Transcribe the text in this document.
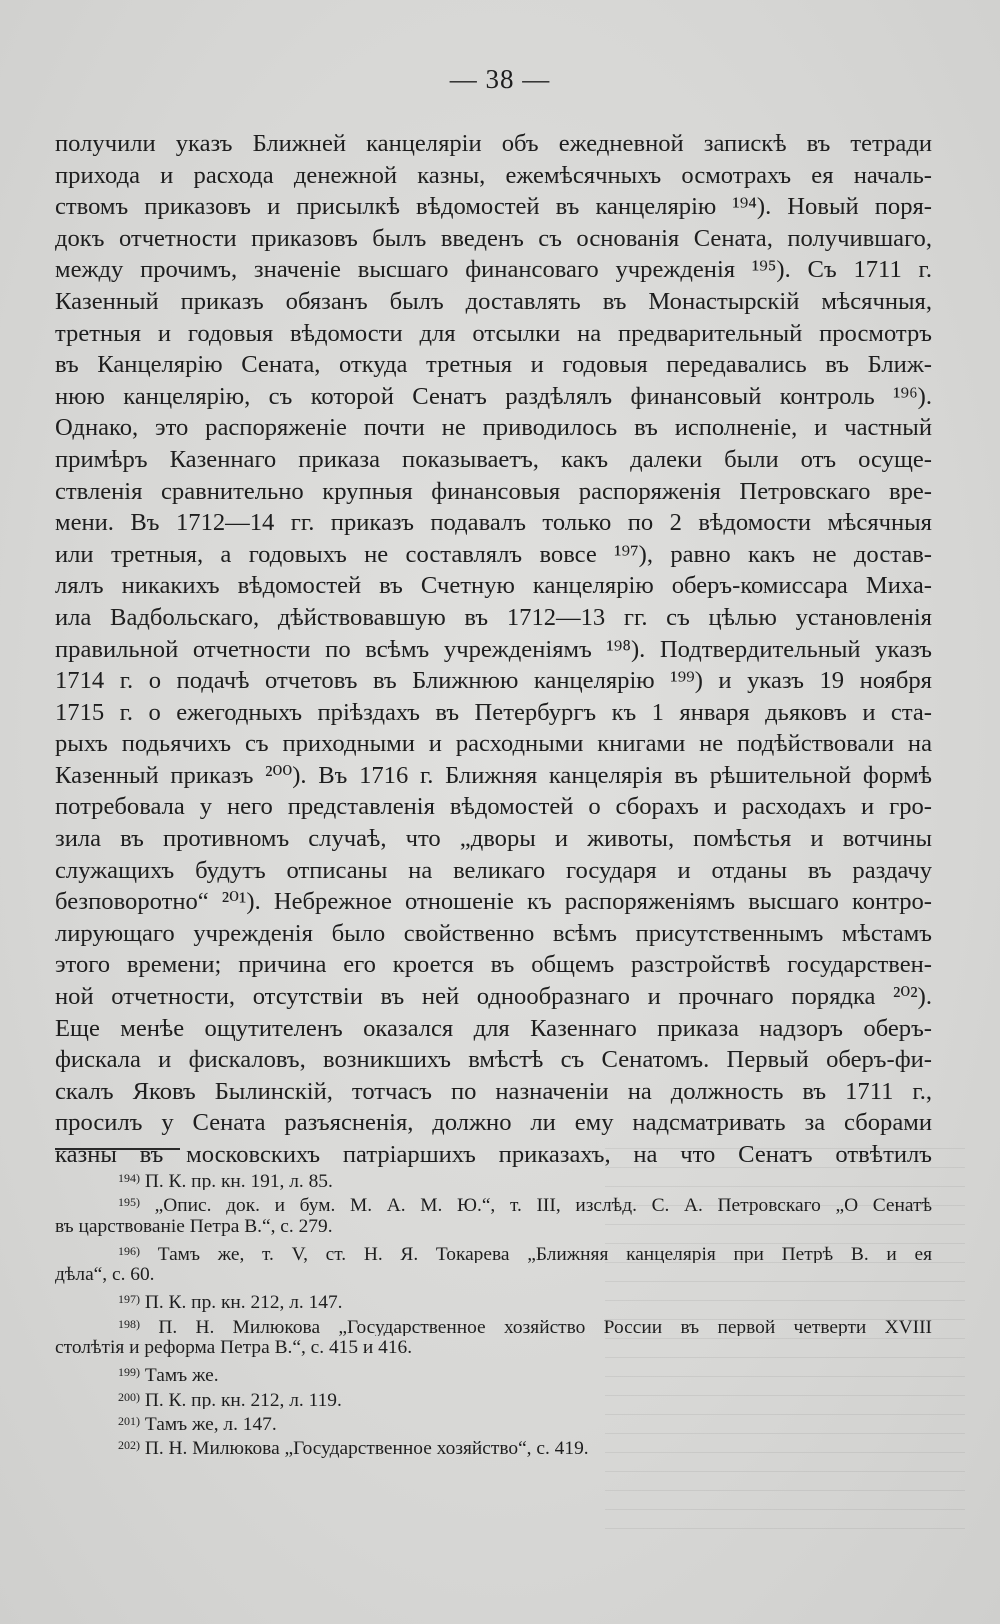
— 38 —
получили указъ Ближней канцеляріи объ ежедневной запискѣ въ тетради
прихода и расхода денежной казны, ежемѣсячныхъ осмотрахъ ея началь-
ствомъ приказовъ и присылкѣ вѣдомостей въ канцелярію ¹⁹⁴). Новый поря-
докъ отчетности приказовъ былъ введенъ съ основанія Сената, получившаго,
между прочимъ, значеніе высшаго финансоваго учрежденія ¹⁹⁵). Съ 1711 г.
Казенный приказъ обязанъ былъ доставлять въ Монастырскій мѣсячныя,
третныя и годовыя вѣдомости для отсылки на предварительный просмотръ
въ Канцелярію Сената, откуда третныя и годовыя передавались въ Ближ-
нюю канцелярію, съ которой Сенатъ раздѣлялъ финансовый контроль ¹⁹⁶).
Однако, это распоряженіе почти не приводилось въ исполненіе, и частный
примѣръ Казеннаго приказа показываетъ, какъ далеки были отъ осуще-
ствленія сравнительно крупныя финансовыя распоряженія Петровскаго вре-
мени. Въ 1712—14 гг. приказъ подавалъ только по 2 вѣдомости мѣсячныя
или третныя, а годовыхъ не составлялъ вовсе ¹⁹⁷), равно какъ не достав-
лялъ никакихъ вѣдомостей въ Счетную канцелярію оберъ-комиссара Миха-
ила Вадбольскаго, дѣйствовавшую въ 1712—13 гг. съ цѣлью установленія
правильной отчетности по всѣмъ учрежденіямъ ¹⁹⁸). Подтвердительный указъ
1714 г. о подачѣ отчетовъ въ Ближнюю канцелярію ¹⁹⁹) и указъ 19 ноября
1715 г. о ежегодныхъ пріѣздахъ въ Петербургъ къ 1 января дьяковъ и ста-
рыхъ подьячихъ съ приходными и расходными книгами не подѣйствовали на
Казенный приказъ ²⁰⁰). Въ 1716 г. Ближняя канцелярія въ рѣшительной формѣ
потребовала у него представленія вѣдомостей о сборахъ и расходахъ и гро-
зила въ противномъ случаѣ, что „дворы и животы, помѣстья и вотчины
служащихъ будутъ отписаны на великаго государя и отданы въ раздачу
безповоротно“ ²⁰¹). Небрежное отношеніе къ распоряженіямъ высшаго контро-
лирующаго учрежденія было свойственно всѣмъ присутственнымъ мѣстамъ
этого времени; причина его кроется въ общемъ разстройствѣ государствен-
ной отчетности, отсутствіи въ ней однообразнаго и прочнаго порядка ²⁰²).
Еще менѣе ощутителенъ оказался для Казеннаго приказа надзоръ оберъ-
фискала и фискаловъ, возникшихъ вмѣстѣ съ Сенатомъ. Первый оберъ-фи-
скалъ Яковъ Былинскій, тотчасъ по назначеніи на должность въ 1711 г.,
просилъ у Сената разъясненія, должно ли ему надсматривать за сборами
казны въ московскихъ патріаршихъ приказахъ, на что Сенатъ отвѣтилъ
$^{194)}$ П. К. пр. кн. 191, л. 85.
$^{195)}$ „Опис. док. и бум. М. А. М. Ю.“, т. III, изслѣд. С. А. Петровскаго „О Сенатѣ
въ царствованіе Петра В.“, с. 279.
$^{196)}$ Тамъ же, т. V, ст. Н. Я. Токарева „Ближняя канцелярія при Петрѣ В. и ея
дѣла“, с. 60.
$^{197)}$ П. К. пр. кн. 212, л. 147.
$^{198)}$ П. Н. Милюкова „Государственное хозяйство России въ первой четверти XVIII
столѣтія и реформа Петра В.“, с. 415 и 416.
$^{199)}$ Тамъ же.
$^{200)}$ П. К. пр. кн. 212, л. 119.
$^{201)}$ Тамъ же, л. 147.
$^{202)}$ П. Н. Милюкова „Государственное хозяйство“, с. 419.
